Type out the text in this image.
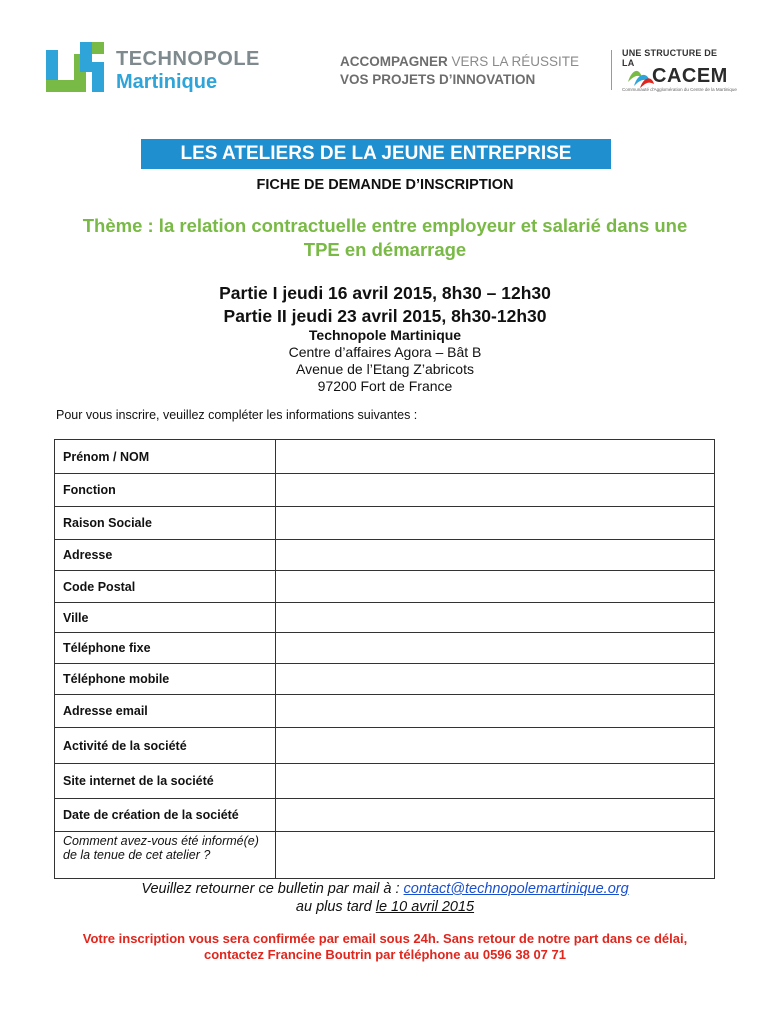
TECHNOPOLE
Martinique
ACCOMPAGNER VERS LA RÉUSSITE
VOS PROJETS D’INNOVATION
UNE STRUCTURE DE LA
CACEM
Communauté d'Agglomération du Centre de la Martinique
LES ATELIERS DE LA JEUNE ENTREPRISE
FICHE DE DEMANDE D’INSCRIPTION
Thème : la relation contractuelle entre employeur et salarié dans une
TPE en démarrage
Partie I jeudi 16 avril 2015, 8h30 – 12h30
Partie II jeudi 23 avril 2015, 8h30-12h30
Technopole Martinique
Centre d’affaires Agora – Bât B
Avenue de l’Etang Z’abricots
97200 Fort de France
Pour vous inscrire, veuillez compléter les informations suivantes :
Prénom / NOM	
Fonction	
Raison Sociale	
Adresse	
Code Postal	
Ville	
Téléphone fixe	
Téléphone mobile	
Adresse email	
Activité de la société	
Site internet de la société	
Date de création de la société	
Comment avez-vous été informé(e) de la tenue de cet atelier ?	
Veuillez retourner ce bulletin par mail à : contact@technopolemartinique.org
au plus tard le 10 avril 2015
Votre inscription vous sera confirmée par email sous 24h. Sans retour de notre part dans ce délai,
contactez Francine Boutrin par téléphone au 0596 38 07 71
